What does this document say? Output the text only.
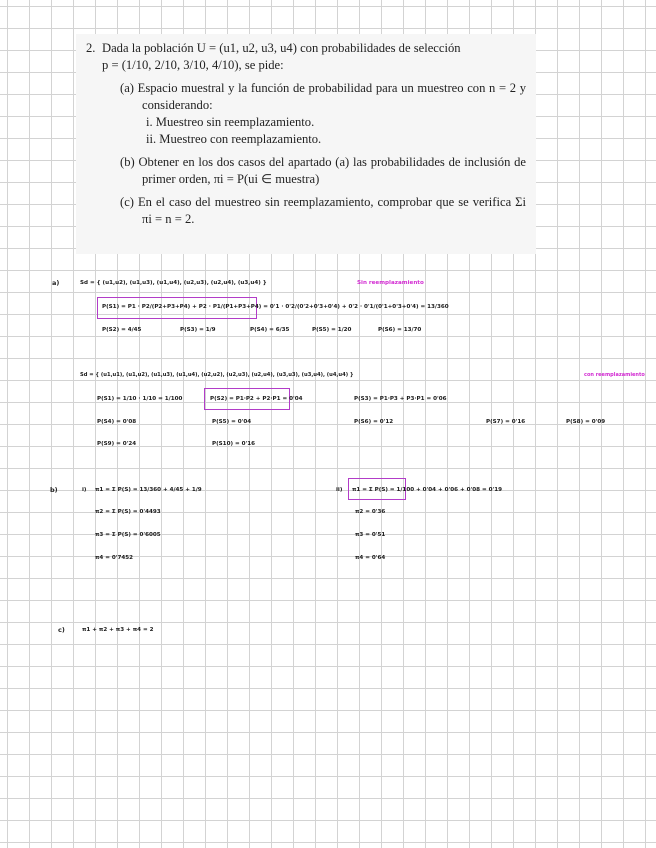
2. Dada la población U = (u1, u2, u3, u4) con probabilidades de selección
p = (1/10, 2/10, 3/10, 4/10), se pide:
(a) Espacio muestral y la función de probabilidad para un muestreo con n = 2 y considerando:
i. Muestreo sin reemplazamiento.
ii. Muestreo con reemplazamiento.
(b) Obtener en los dos casos del apartado (a) las probabilidades de inclusión de primer orden, πi = P(ui ∈ muestra)
(c) En el caso del muestreo sin reemplazamiento, comprobar que se verifica Σi πi = n = 2.
a)	Sd = { (u1,u2), (u1,u3), (u1,u4), (u2,u3), (u2,u4), (u3,u4) }	Sin reemplazamiento
P(S1) = P1 · P2/(P2+P3+P4) + P2 · P1/(P1+P3+P4) = 0'1 · 0'2/(0'2+0'3+0'4) + 0'2 · 0'1/(0'1+0'3+0'4) = 13/360
P(S2) = 4/45	P(S3) = 1/9	P(S4) = 6/35	P(S5) = 1/20	P(S6) = 13/70
Sd = { (u1,u1), (u1,u2), (u1,u3), (u1,u4), (u2,u2), (u2,u3), (u2,u4), (u3,u3), (u3,u4), (u4,u4) }	con reemplazamiento
P(S1) = 1/10 · 1/10 = 1/100	P(S2) = P1·P2 + P2·P1 = 0'04	P(S3) = P1·P3 + P3·P1 = 0'06
P(S4) = 0'08	P(S5) = 0'04	P(S6) = 0'12	P(S7) = 0'16	P(S8) = 0'09
P(S9) = 0'24	P(S10) = 0'16
b)	i) π1 = Σ P(S) = 13/360 + 4/45 + 1/9
π2 = Σ P(S) = 0'4493
π3 = Σ P(S) = 0'6005
π4 = 0'7452
ii) π1 = Σ P(S) = 1/100 + 0'04 + 0'06 + 0'08 = 0'19
π2 = 0'36
π3 = 0'51
π4 = 0'64
c)	π1 + π2 + π3 + π4 = 2
